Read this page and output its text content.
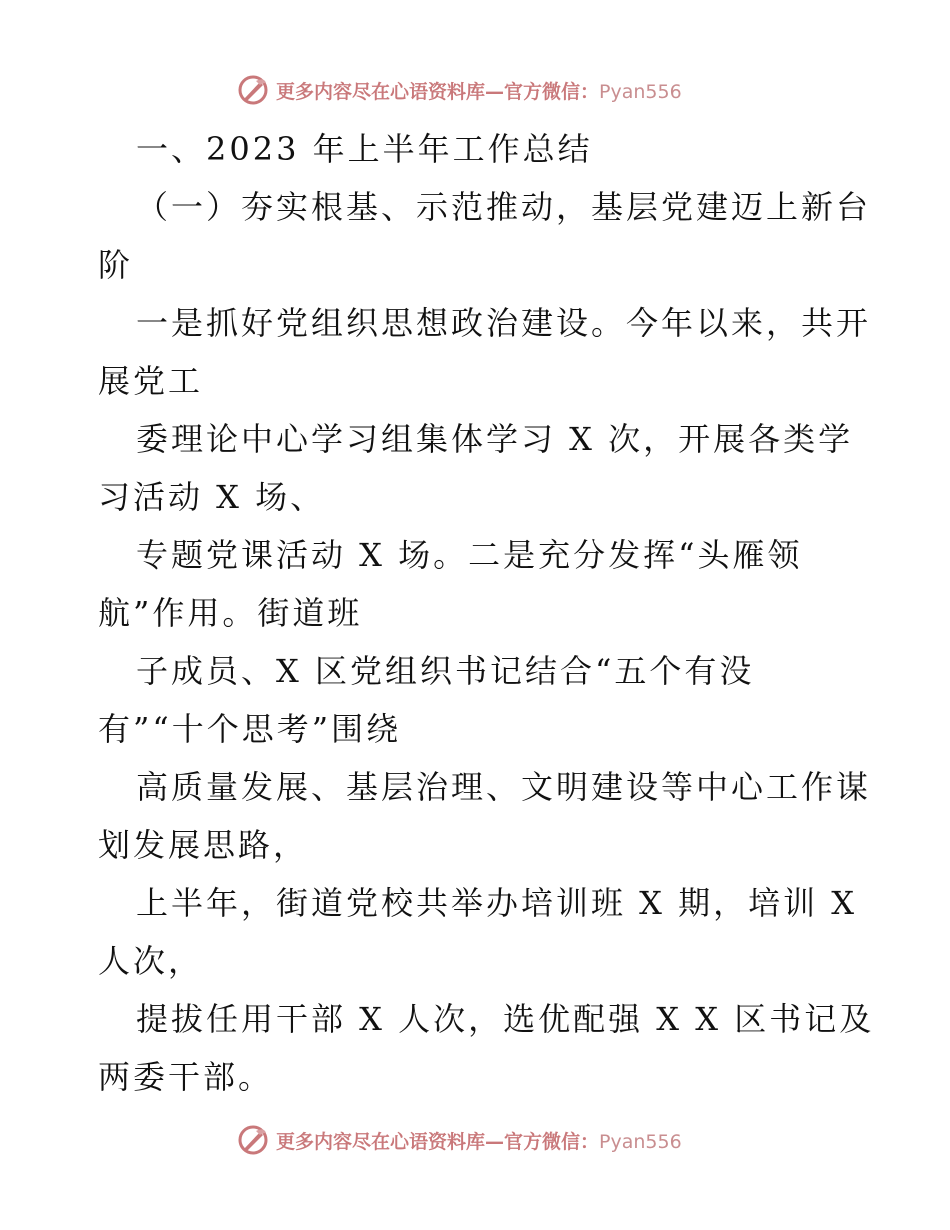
更多内容尽在心语资料库—官方微信：Pyan556
一、2023 年上半年工作总结
（一）夯实根基、示范推动，基层党建迈上新台
阶
一是抓好党组织思想政治建设。今年以来，共开
展党工
委理论中心学习组集体学习 X 次，开展各类学
习活动 X 场、
专题党课活动 X 场。二是充分发挥“头雁领
航”作用。街道班
子成员、X 区党组织书记结合“五个有没
有”“十个思考”围绕
高质量发展、基层治理、文明建设等中心工作谋
划发展思路，
上半年，街道党校共举办培训班 X 期，培训 X
人次，
提拔任用干部 X 人次，选优配强 X X 区书记及
两委干部。
更多内容尽在心语资料库—官方微信：Pyan556
